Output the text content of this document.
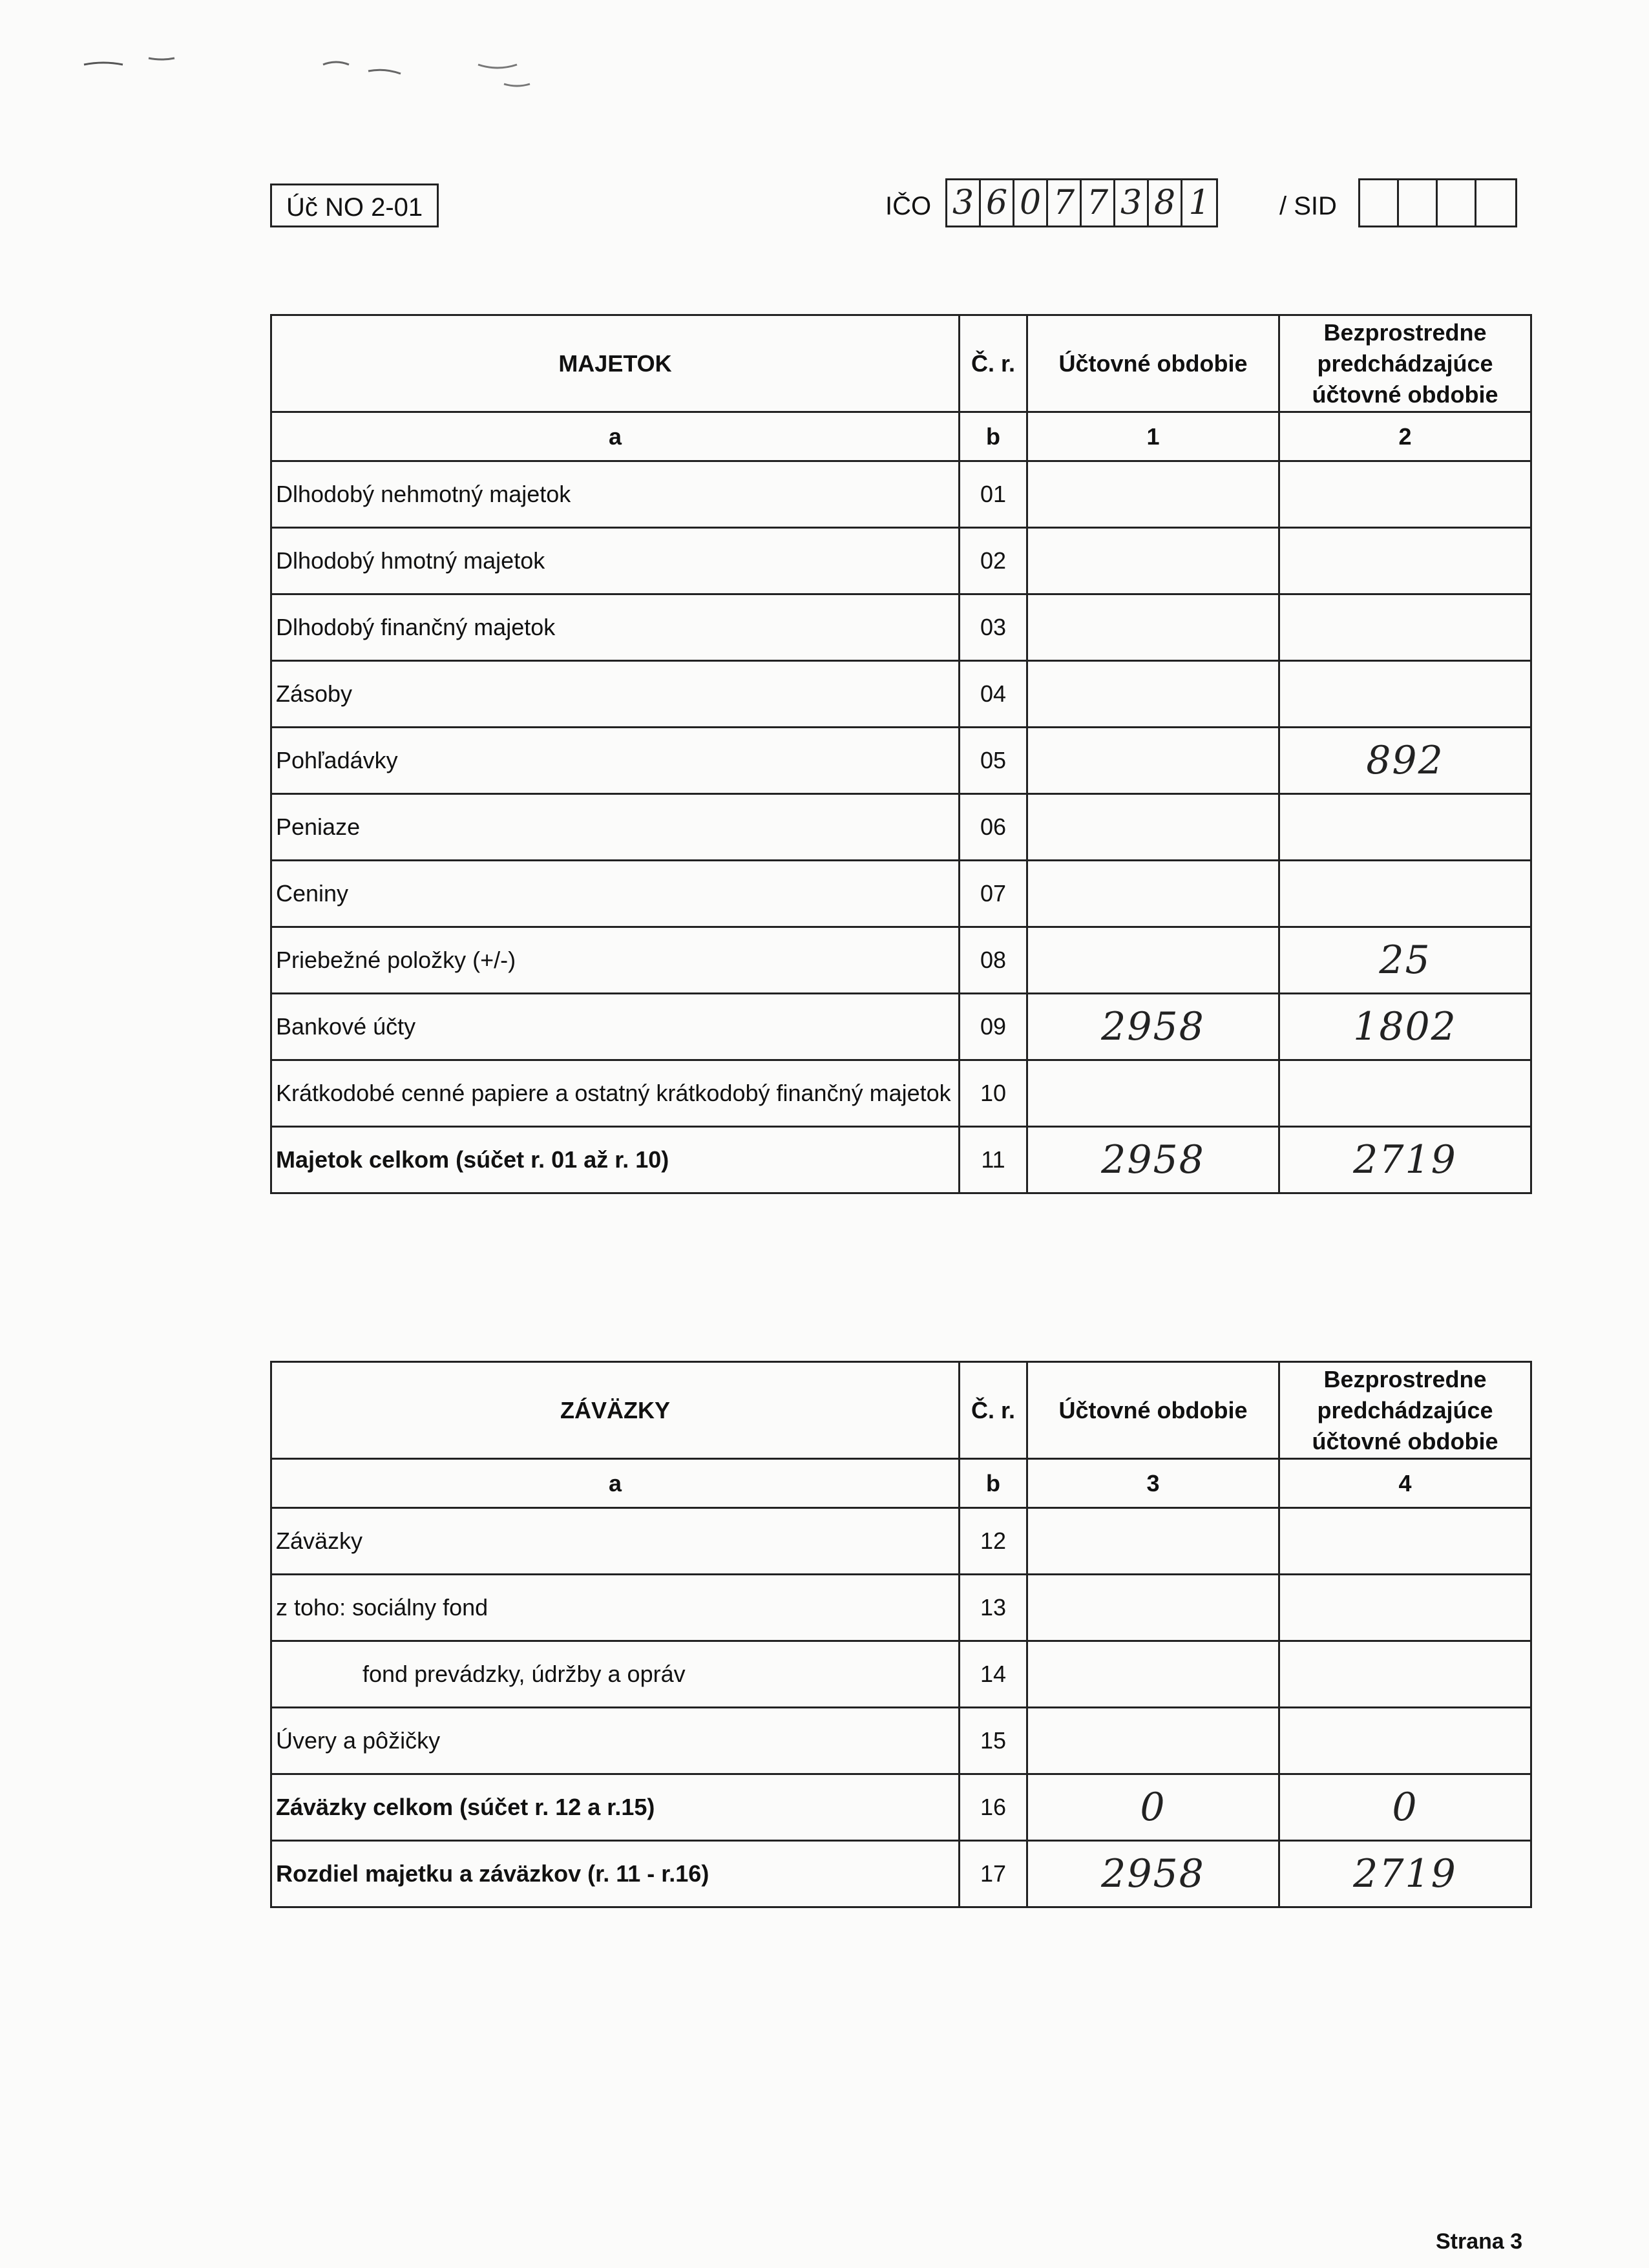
Úč NO 2-01	IČO 3 6 0 7 7 3 8 1	/ SID
MAJETOK	Č. r.	Účtovné obdobie	Bezprostredne predchádzajúce účtovné obdobie
a	b	1	2
Dlhodobý nehmotný majetok	01		
Dlhodobý hmotný majetok	02		
Dlhodobý finančný majetok	03		
Zásoby	04		
Pohľadávky	05		892
Peniaze	06		
Ceniny	07		
Priebežné položky (+/-)	08		25
Bankové účty	09	2958	1802
Krátkodobé cenné papiere a ostatný krátkodobý finančný majetok	10		
Majetok celkom (súčet r. 01 až r. 10)	11	2958	2719
ZÁVÄZKY	Č. r.	Účtovné obdobie	Bezprostredne predchádzajúce účtovné obdobie
a	b	3	4
Záväzky	12		
z toho: sociálny fond	13		
fond prevádzky, údržby a opráv	14		
Úvery a pôžičky	15		
Záväzky celkom (súčet r. 12 a r.15)	16	0	0
Rozdiel majetku a záväzkov (r. 11 - r.16)	17	2958	2719
Strana 3
